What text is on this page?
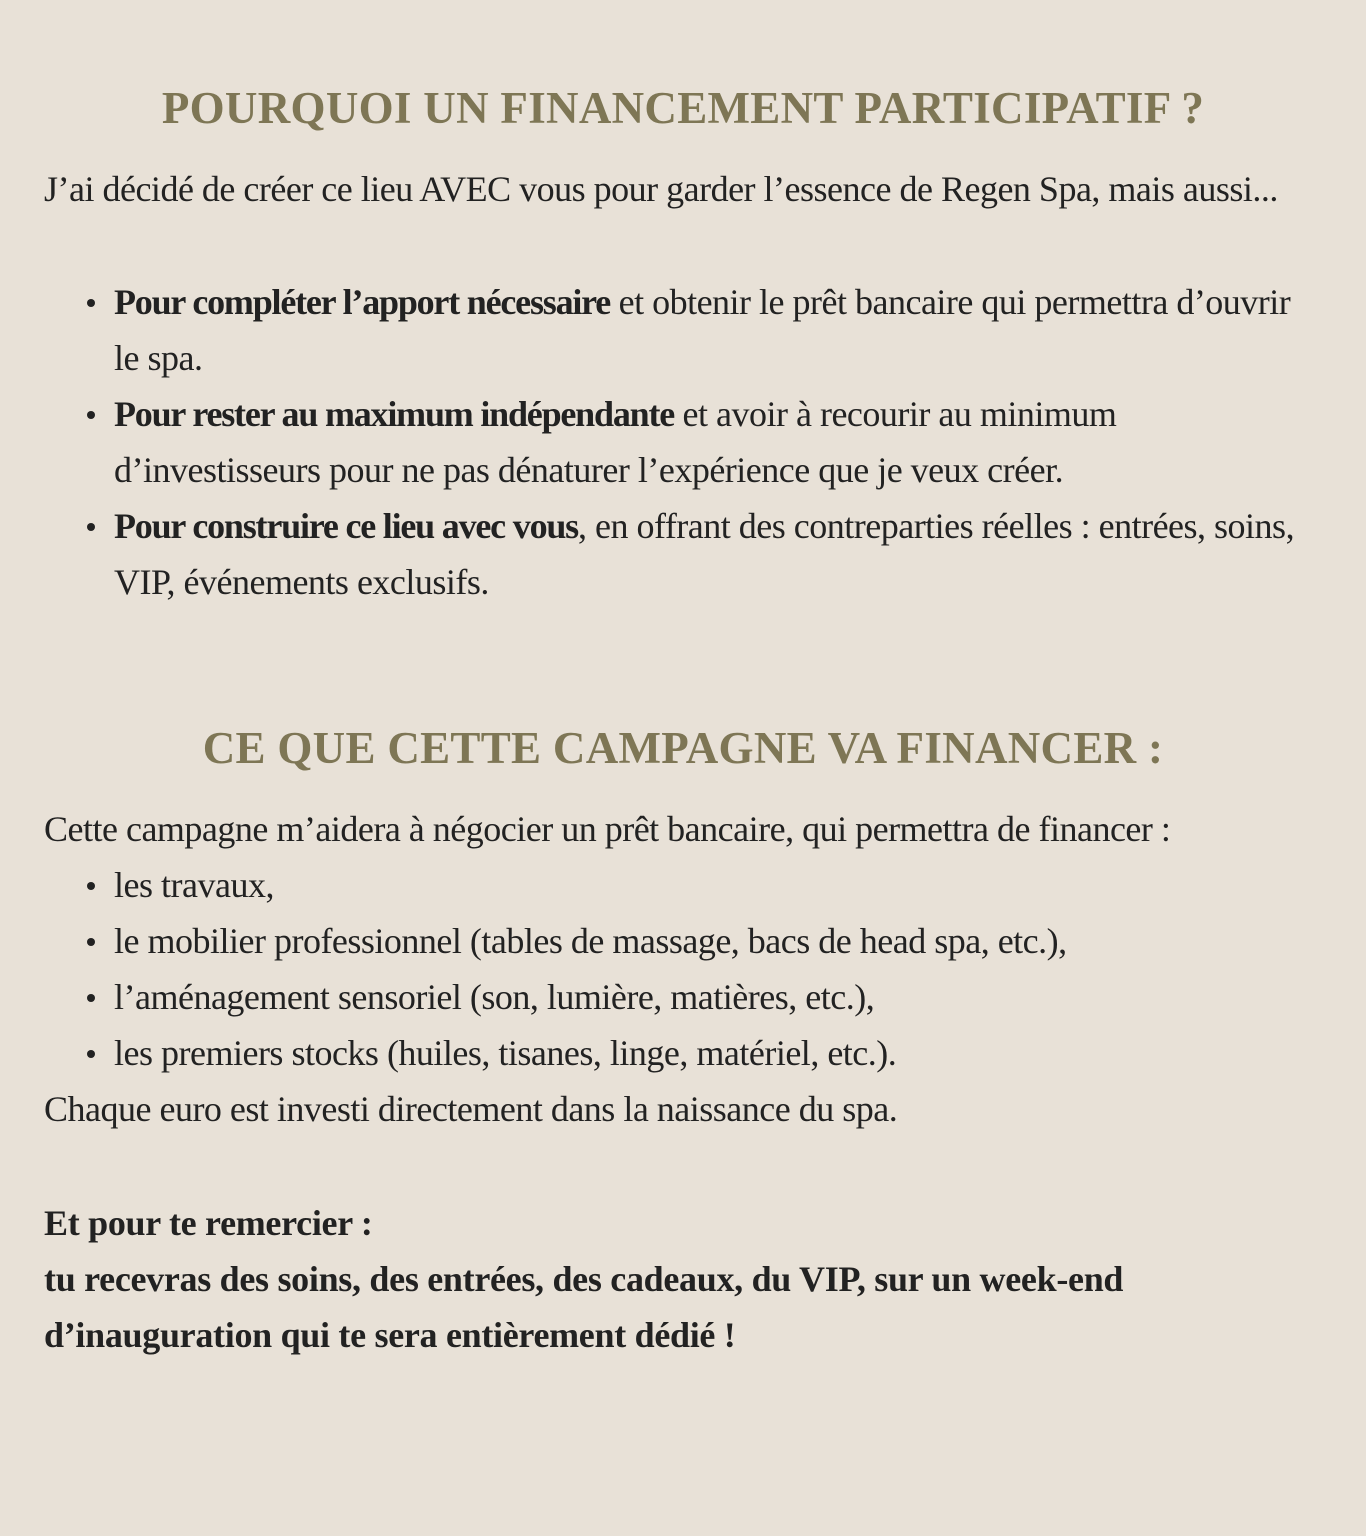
POURQUOI UN FINANCEMENT PARTICIPATIF ?

J’ai décidé de créer ce lieu AVEC vous pour garder l’essence de Regen Spa, mais aussi...

Pour compléter l’apport nécessaire et obtenir le prêt bancaire qui permettra d’ouvrir le spa.
Pour rester au maximum indépendante et avoir à recourir au minimum d’investisseurs pour ne pas dénaturer l’expérience que je veux créer.
Pour construire ce lieu avec vous, en offrant des contreparties réelles : entrées, soins, VIP, événements exclusifs.
CE QUE CETTE CAMPAGNE VA FINANCER :

Cette campagne m’aidera à négocier un prêt bancaire, qui permettra de financer :

les travaux,
le mobilier professionnel (tables de massage, bacs de head spa, etc.),
l’aménagement sensoriel (son, lumière, matières, etc.),
les premiers stocks (huiles, tisanes, linge, matériel, etc.).

Chaque euro est investi directement dans la naissance du spa.

Et pour te remercier :
tu recevras des soins, des entrées, des cadeaux, du VIP, sur un week-end d’inauguration qui te sera entièrement dédié !
